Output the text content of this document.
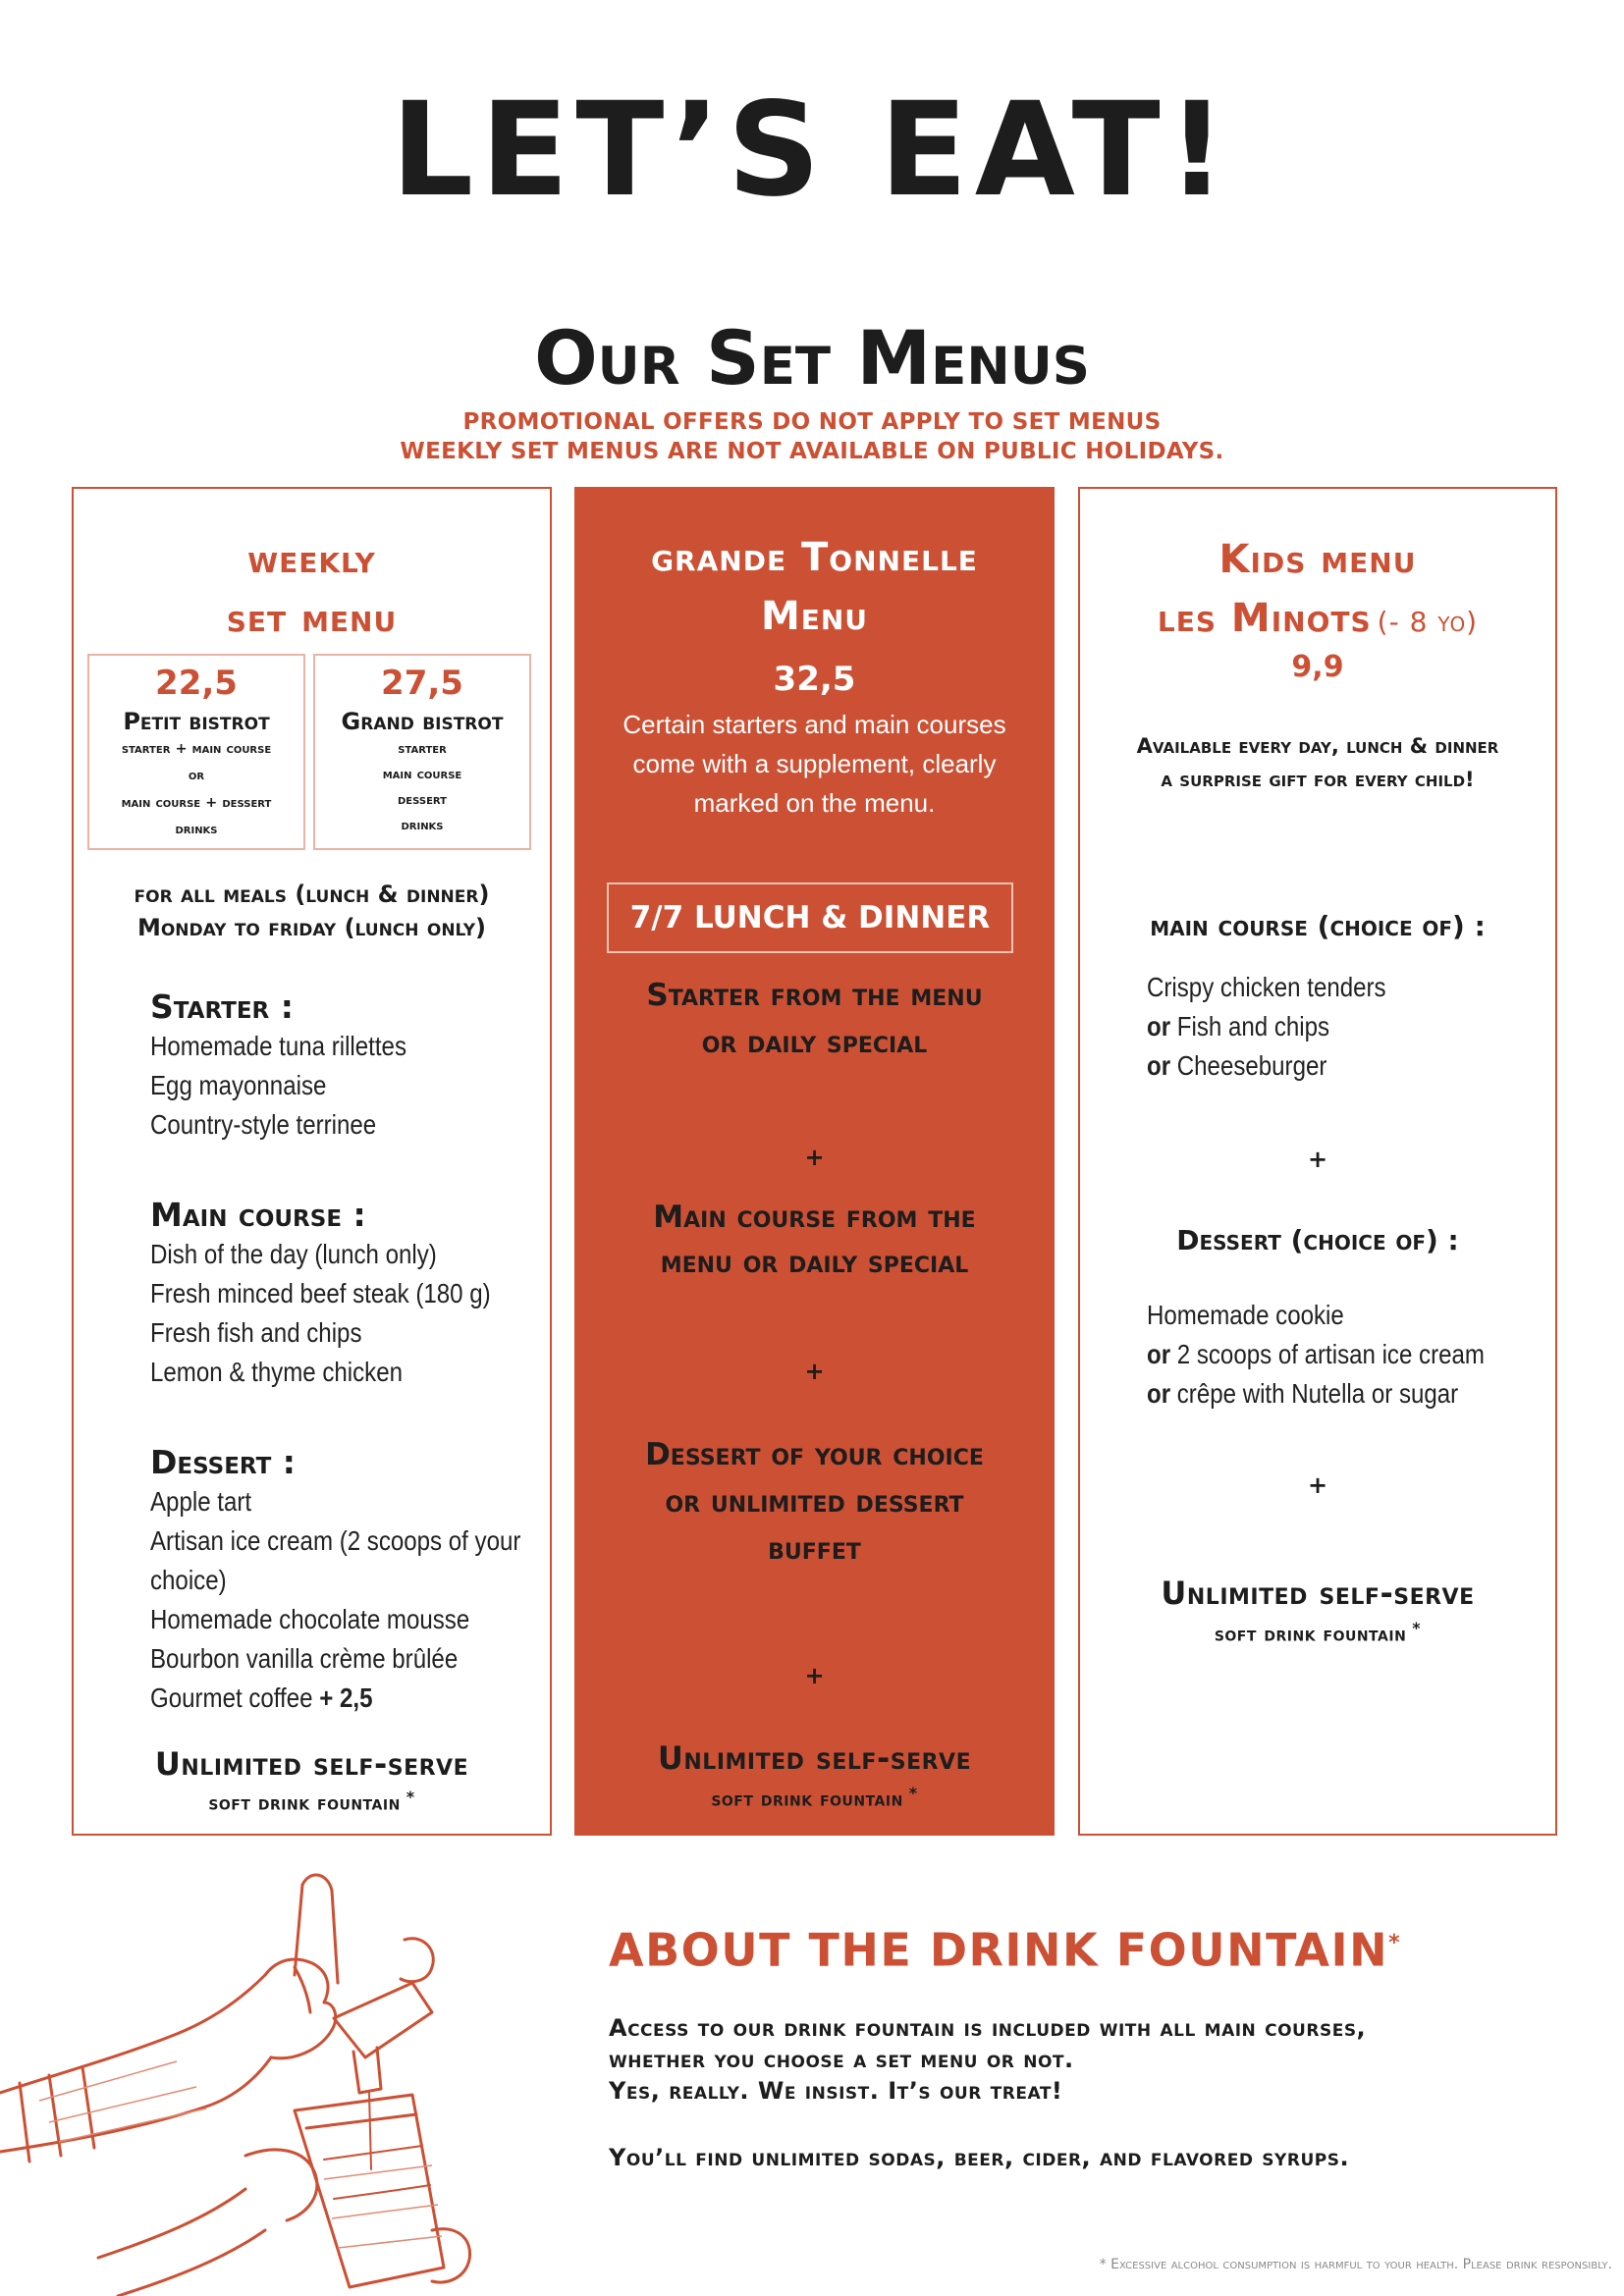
LET’S EAT!
Our Set Menus
PROMOTIONAL OFFERS DO NOT APPLY TO SET MENUS
WEEKLY SET MENUS ARE NOT AVAILABLE ON PUBLIC HOLIDAYS.
weekly
set menu
22,5
Petit bistrot
starter + main course
or
main course + dessert
drinks
27,5
Grand bistrot
starter
main course
dessert
drinks
for all meals (lunch & dinner)
Monday to friday (lunch only)
Starter :
Homemade tuna rillettes
Egg mayonnaise
Country-style terrinee
Main course :
Dish of the day (lunch only)
Fresh minced beef steak (180 g)
Fresh fish and chips
Lemon & thyme chicken
Dessert :
Apple tart
Artisan ice cream (2 scoops of your
choice)
Homemade chocolate mousse
Bourbon vanilla crème brûlée
Gourmet coffee + 2,5
Unlimited self-serve
soft drink fountain *
grande Tonnelle
Menu
32,5
Certain starters and main courses
come with a supplement, clearly
marked on the menu.
7/7 LUNCH & DINNER
Starter from the menu
or daily special
+
Main course from the
menu or daily special
+
Dessert of your choice
or unlimited dessert
buffet
+
Unlimited self-serve
soft drink fountain *
Kids menu
les Minots (- 8 yo)
9,9
Available every day, lunch & dinner
a surprise gift for every child!
main course (choice of) :
Crispy chicken tenders
or Fish and chips
or Cheeseburger
+
Dessert (choice of) :
Homemade cookie
or 2 scoops of artisan ice cream
or crêpe with Nutella or sugar
+
Unlimited self-serve
soft drink fountain *
ABOUT THE DRINK FOUNTAIN*
Access to our drink fountain is included with all main courses,
whether you choose a set menu or not.
Yes, really. We insist. It’s our treat!
You’ll find unlimited sodas, beer, cider, and flavored syrups.
* Excessive alcohol consumption is harmful to your health. Please drink responsibly.
